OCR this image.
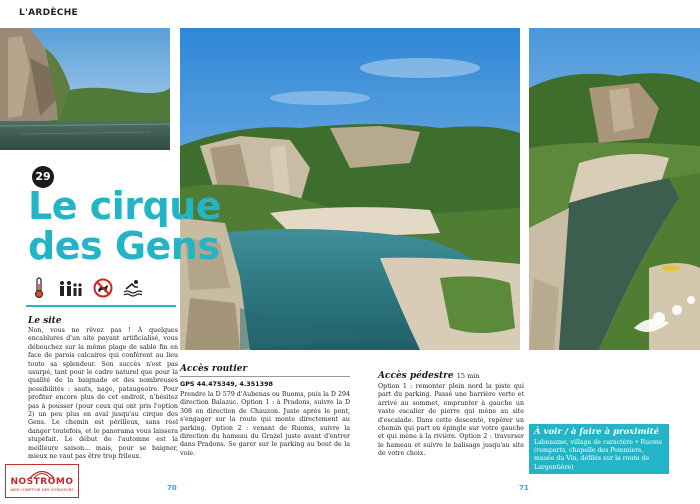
L'ARDÈCHE
29
Le cirque
des Gens
Le site
Non, vous ne rêvez pas ! À quelques encablures d'un site payant artificialisé, vous débouchez sur la même plage de sable fin en face de parois calcaires qui confèrent au lieu toute sa splendeur. Son succès n'est pas usurpé, tant pour le cadre naturel que pour la qualité de la baignade et des nombreuses possibilités : sauts, nage, pataugeoire. Pour profiter encore plus de cet endroit, n'hésitez pas à pousser (pour ceux qui ont pris l'option 2) un peu plus en aval jusqu'au cirque des Gens. Le chemin est périlleux, sans réel danger toutefois, et le panorama vous laissera stupéfait. Le début de l'automne est la meilleure saison... mais, pour se baigner, mieux ne vaut pas être trop frileux.
NOSTROMO
WEB COMPTOIR DES VOYAGEURS	70	71
Accès routier
GPS 44.475349, 4.351398
Prendre la D 579 d'Aubenas ou Ruoms, puis la D 294 direction Balazuc. Option 1 : à Pradons, suivre la D 308 en direction de Chauzon. Juste après le pont, s'engager sur la route qui monte directement au parking. Option 2 : venant de Ruoms, suivre la direction du hameau du Grazel juste avant d'entrer dans Pradons. Se garer sur le parking au bout de la voie.
Accès pédestre 15 min
Option 1 : remonter plein nord la piste qui part du parking. Passé une barrière verte et arrivé au sommet, emprunter à gauche un vaste escalier de pierre qui mène au site d'escalade. Dans cette descente, repérer un chemin qui part en épingle sur votre gauche et qui mène à la rivière. Option 2 : traverser le hameau et suivre le balisage jusqu'au site de votre choix.
À voir / à faire à proximité
Labeaume, village de caractère • Ruoms (remparts, chapelle des Pommiers, musée du Vin, défilés sur la route de Largentière)
